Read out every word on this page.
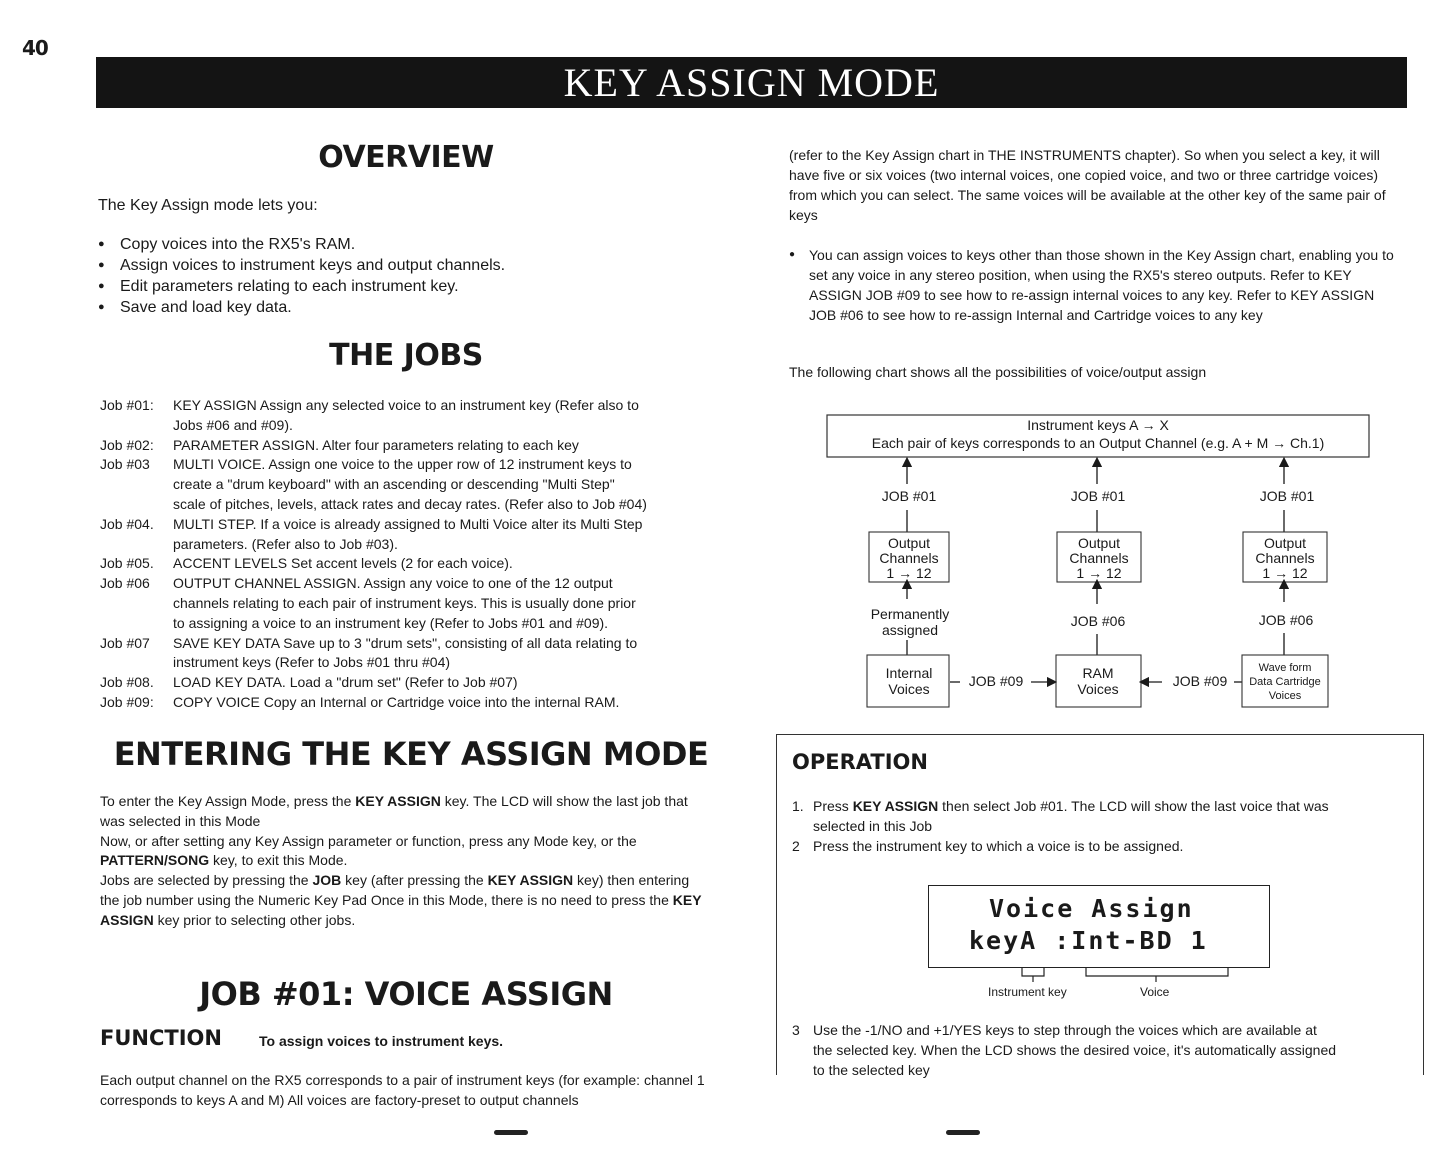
40
KEY ASSIGN MODE
OVERVIEW
The Key Assign mode lets you:
● Copy voices into the RX5's RAM.
● Assign voices to instrument keys and output channels.
● Edit parameters relating to each instrument key.
● Save and load key data.
THE JOBS
Job #01:	KEY ASSIGN Assign any selected voice to an instrument key (Refer also to
Jobs #06 and #09).
Job #02:	PARAMETER ASSIGN. Alter four parameters relating to each key
Job #03	MULTI VOICE. Assign one voice to the upper row of 12 instrument keys to
create a "drum keyboard" with an ascending or descending "Multi Step"
scale of pitches, levels, attack rates and decay rates. (Refer also to Job #04)
Job #04.	MULTI STEP. If a voice is already assigned to Multi Voice alter its Multi Step
parameters. (Refer also to Job #03).
Job #05.	ACCENT LEVELS Set accent levels (2 for each voice).
Job #06	OUTPUT CHANNEL ASSIGN. Assign any voice to one of the 12 output
channels relating to each pair of instrument keys. This is usually done prior
to assigning a voice to an instrument key (Refer to Jobs #01 and #09).
Job #07	SAVE KEY DATA Save up to 3 "drum sets", consisting of all data relating to
instrument keys (Refer to Jobs #01 thru #04)
Job #08.	LOAD KEY DATA. Load a "drum set" (Refer to Job #07)
Job #09:	COPY VOICE Copy an Internal or Cartridge voice into the internal RAM.
ENTERING THE KEY ASSIGN MODE
To enter the Key Assign Mode, press the KEY ASSIGN key. The LCD will show the last job that was selected in this Mode
Now, or after setting any Key Assign parameter or function, press any Mode key, or the PATTERN/SONG key, to exit this Mode.
Jobs are selected by pressing the JOB key (after pressing the KEY ASSIGN key) then entering the job number using the Numeric Key Pad Once in this Mode, there is no need to press the KEY ASSIGN key prior to selecting other jobs.
JOB #01: VOICE ASSIGN
FUNCTION	To assign voices to instrument keys.
Each output channel on the RX5 corresponds to a pair of instrument keys (for example: channel 1 corresponds to keys A and M) All voices are factory-preset to output channels
(refer to the Key Assign chart in THE INSTRUMENTS chapter). So when you select a key, it will have five or six voices (two internal voices, one copied voice, and two or three cartridge voices) from which you can select. The same voices will be available at the other key of the same pair of keys
● You can assign voices to keys other than those shown in the Key Assign chart, enabling you to set any voice in any stereo position, when using the RX5's stereo outputs. Refer to KEY ASSIGN JOB #09 to see how to re-assign internal voices to any key. Refer to KEY ASSIGN JOB #06 to see how to re-assign Internal and Cartridge voices to any key
The following chart shows all the possibilities of voice/output assign
Instrument keys A → X
Each pair of keys corresponds to an Output Channel (e.g. A + M → Ch.1)
JOB #01
Output
Channels
1 → 12
Permanently
assigned
Internal
Voices	JOB #09
JOB #01
Output
Channels
1 → 12
JOB #06
RAM
Voices	JOB #09
JOB #01
Output
Channels
1 → 12
JOB #06
Wave form
Data Cartridge
Voices
OPERATION
1. Press KEY ASSIGN then select Job #01. The LCD will show the last voice that was
selected in this Job
2 Press the instrument key to which a voice is to be assigned.
Voice Assign
keyA :Int-BD 1
Instrument key	Voice
3 Use the -1/NO and +1/YES keys to step through the voices which are available at
the selected key. When the LCD shows the desired voice, it's automatically assigned
to the selected key
